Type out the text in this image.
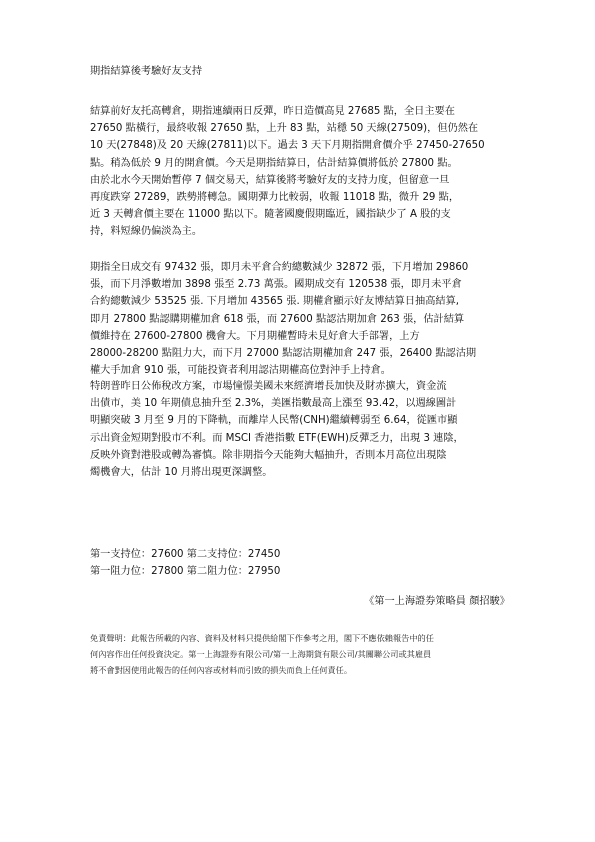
期指結算後考驗好友支持

結算前好友托高轉倉，期指連續兩日反彈，昨日造價高見 27685 點，全日主要在
27650 點橫行，最終收報 27650 點，上升 83 點，站穩 50 天線(27509)，但仍然在
10 天(27848)及 20 天線(27811)以下。過去 3 天下月期指開倉價介乎 27450-27650
點。稍為低於 9 月的開倉價。今天是期指結算日，估計結算價將低於 27800 點。
由於北水今天開始暫停 7 個交易天，結算後將考驗好友的支持力度，但留意一旦
再度跌穿 27289，跌勢將轉急。國期彈力比較弱，收報 11018 點，微升 29 點，
近 3 天轉倉價主要在 11000 點以下。隨著國慶假期臨近，國指缺少了 A 股的支
持，料短線仍偏淡為主。

期指全日成交有 97432 張，即月未平倉合約總數減少 32872 張，下月增加 29860
張，而下月淨數增加 3898 張至 2.73 萬張。國期成交有 120538 張，即月未平倉
合約總數減少 53525 張. 下月增加 43565 張. 期權倉顯示好友博結算日抽高結算,
即月 27800 點認購期權加倉 618 張，而 27600 點認沽期加倉 263 張，估計結算
價維持在 27600-27800 機會大。下月期權暫時未見好倉大手部署，上方
28000-28200 點阻力大，而下月 27000 點認沽期權加倉 247 張，26400 點認沽期
權大手加倉 910 張，可能投資者利用認沽期權高位對沖手上持倉。

特朗普昨日公佈稅改方案，市場憧憬美國未來經濟增長加快及財赤擴大，資金流
出債市，美 10 年期債息抽升至 2.3%，美匯指數最高上漲至 93.42，以週線圖計
明顯突破 3 月至 9 月的下降軌，而離岸人民幣(CNH)繼續轉弱至 6.64，從匯市顯
示出資金短期對股市不利。而 MSCI 香港指數 ETF(EWH)反彈乏力，出現 3 連陰，
反映外資對港股或轉為審慎。除非期指今天能夠大幅抽升，否則本月高位出現陰
燭機會大，估計 10 月將出現更深調整。

第一支持位：27600 第二支持位：27450
第一阻力位：27800 第二阻力位：27950
《第一上海證券策略員 顏招駿》
免責聲明：此報告所載的內容、資料及材料只提供給閣下作參考之用，閣下不應依賴報告中的任
何內容作出任何投資決定。第一上海證券有限公司/第一上海期貨有限公司/其關聯公司或其雇員
將不會對因使用此報告的任何內容或材料而引致的損失而負上任何責任。
